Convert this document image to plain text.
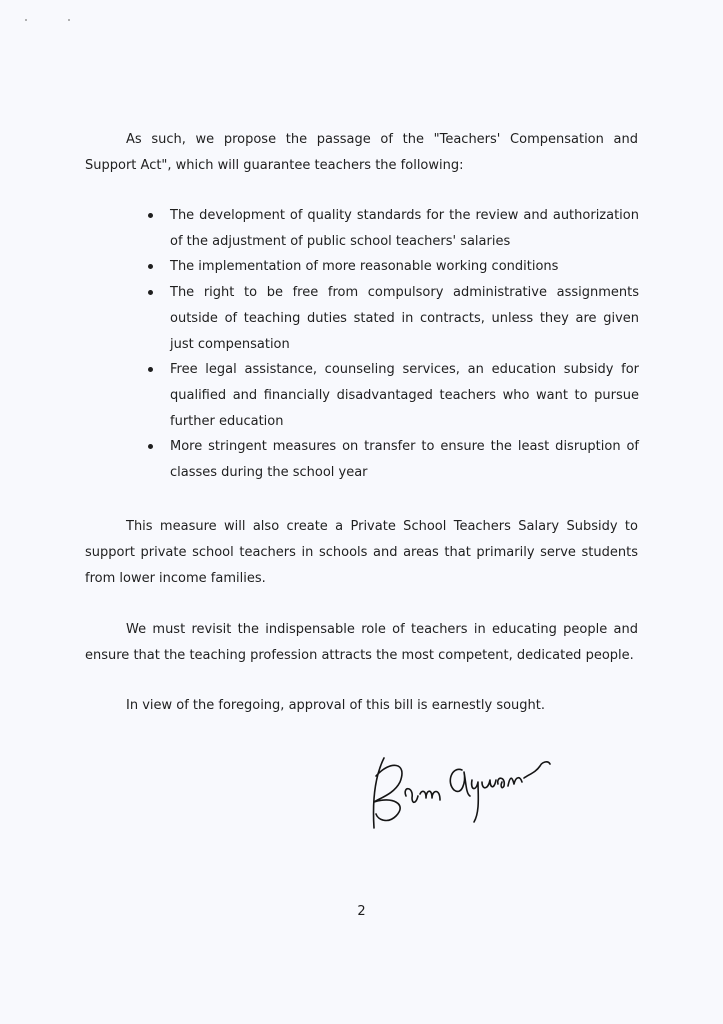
As such, we propose the passage of the "Teachers' Compensation and Support Act", which will guarantee teachers the following:

The development of quality standards for the review and authorization of the adjustment of public school teachers' salaries
The implementation of more reasonable working conditions
The right to be free from compulsory administrative assignments outside of teaching duties stated in contracts, unless they are given just compensation
Free legal assistance, counseling services, an education subsidy for qualified and financially disadvantaged teachers who want to pursue further education
More stringent measures on transfer to ensure the least disruption of classes during the school year

This measure will also create a Private School Teachers Salary Subsidy to support private school teachers in schools and areas that primarily serve students from lower income families.

We must revisit the indispensable role of teachers in educating people and ensure that the teaching profession attracts the most competent, dedicated people.

In view of the foregoing, approval of this bill is earnestly sought.

2
